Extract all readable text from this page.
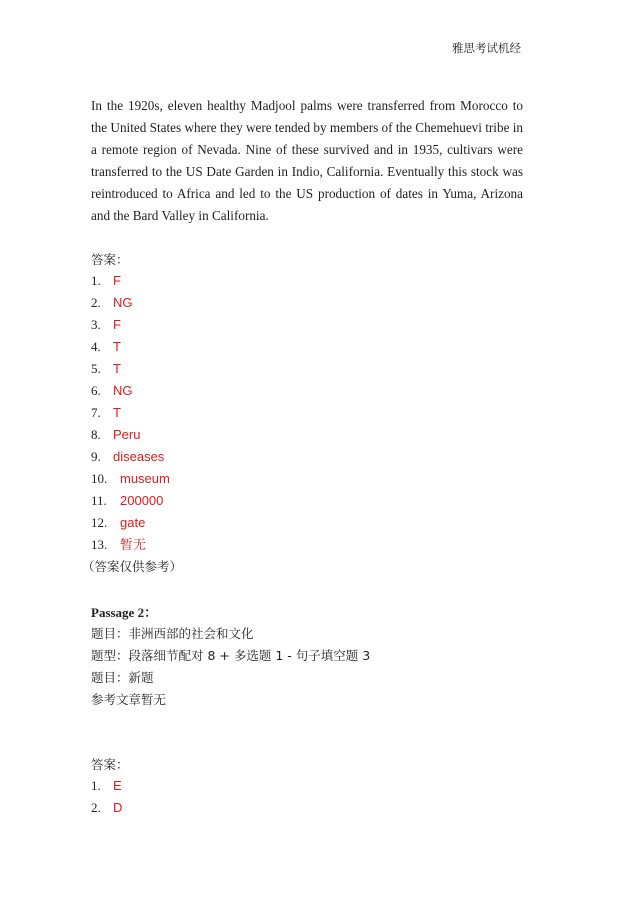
雅思考试机经
In the 1920s, eleven healthy Madjool palms were transferred from Morocco to the United States where they were tended by members of the Chemehuevi tribe in a remote region of Nevada. Nine of these survived and in 1935, cultivars were transferred to the US Date Garden in Indio, California. Eventually this stock was reintroduced to Africa and led to the US production of dates in Yuma, Arizona and the Bard Valley in California.
答案：
1. F
2. NG
3. F
4. T
5. T
6. NG
7. T
8. Peru
9. diseases
10. museum
11. 200000
12. gate
13. 暂无
（答案仅供参考）
Passage 2：
题目：非洲西部的社会和文化
题型：段落细节配对 8 + 多选题 1 - 句子填空题 3
题目：新题
参考文章暂无
答案：
1. E
2. D
